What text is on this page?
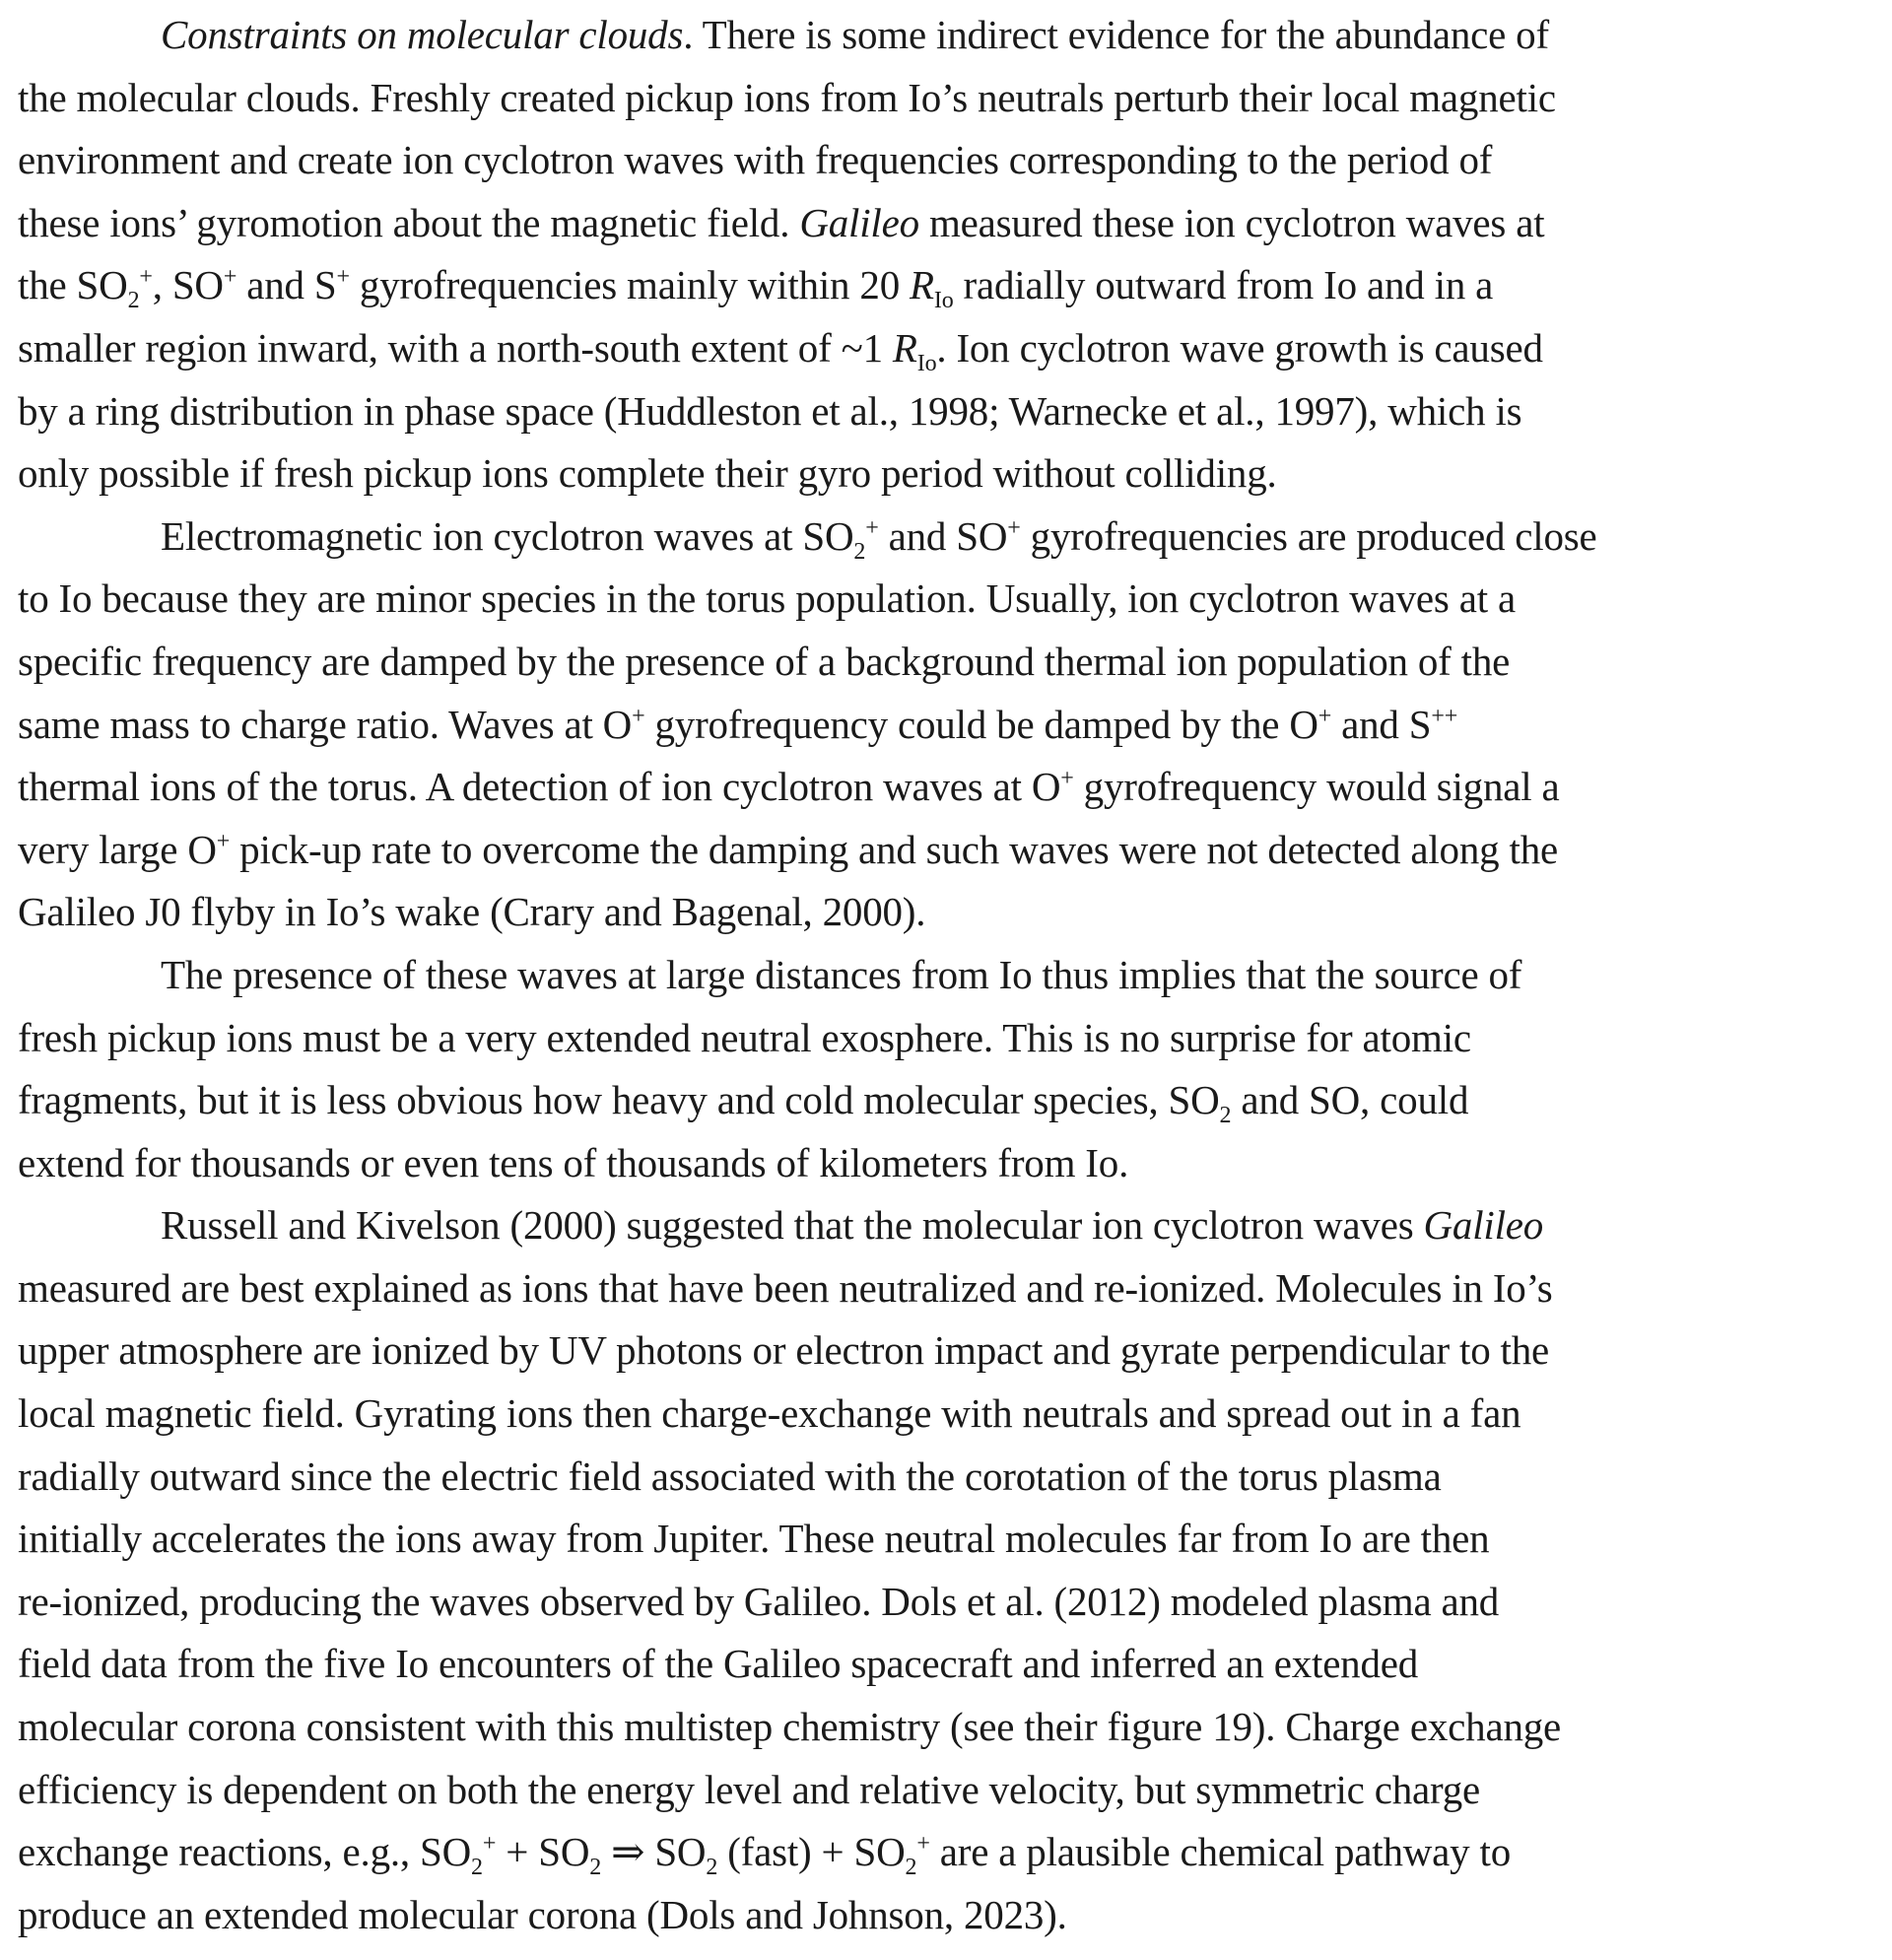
Constraints on molecular clouds. There is some indirect evidence for the abundance of
the molecular clouds. Freshly created pickup ions from Io’s neutrals perturb their local magnetic
environment and create ion cyclotron waves with frequencies corresponding to the period of
these ions’ gyromotion about the magnetic field. Galileo measured these ion cyclotron waves at
the $SO_2^+$, SO+ and S+ gyrofrequencies mainly within 20 $R_{Io}$ radially outward from Io and in a
smaller region inward, with a north-south extent of ~1 $R_{Io}$. Ion cyclotron wave growth is caused
by a ring distribution in phase space (Huddleston et al., 1998; Warnecke et al., 1997), which is
only possible if fresh pickup ions complete their gyro period without colliding.
Electromagnetic ion cyclotron waves at $SO_2^+$ and SO+ gyrofrequencies are produced close
to Io because they are minor species in the torus population. Usually, ion cyclotron waves at a
specific frequency are damped by the presence of a background thermal ion population of the
same mass to charge ratio. Waves at O+ gyrofrequency could be damped by the O+ and S++
thermal ions of the torus. A detection of ion cyclotron waves at O+ gyrofrequency would signal a
very large O+ pick-up rate to overcome the damping and such waves were not detected along the
Galileo J0 flyby in Io’s wake (Crary and Bagenal, 2000).
The presence of these waves at large distances from Io thus implies that the source of
fresh pickup ions must be a very extended neutral exosphere. This is no surprise for atomic
fragments, but it is less obvious how heavy and cold molecular species, $SO_2$ and SO, could
extend for thousands or even tens of thousands of kilometers from Io.
Russell and Kivelson (2000) suggested that the molecular ion cyclotron waves Galileo
measured are best explained as ions that have been neutralized and re-ionized. Molecules in Io’s
upper atmosphere are ionized by UV photons or electron impact and gyrate perpendicular to the
local magnetic field. Gyrating ions then charge-exchange with neutrals and spread out in a fan
radially outward since the electric field associated with the corotation of the torus plasma
initially accelerates the ions away from Jupiter. These neutral molecules far from Io are then
re-ionized, producing the waves observed by Galileo. Dols et al. (2012) modeled plasma and
field data from the five Io encounters of the Galileo spacecraft and inferred an extended
molecular corona consistent with this multistep chemistry (see their figure 19). Charge exchange
efficiency is dependent on both the energy level and relative velocity, but symmetric charge
exchange reactions, e.g., $SO_2^+ + SO_2$ ⇒ $SO_2$ (fast) + $SO_2^+$ are a plausible chemical pathway to
produce an extended molecular corona (Dols and Johnson, 2023).
